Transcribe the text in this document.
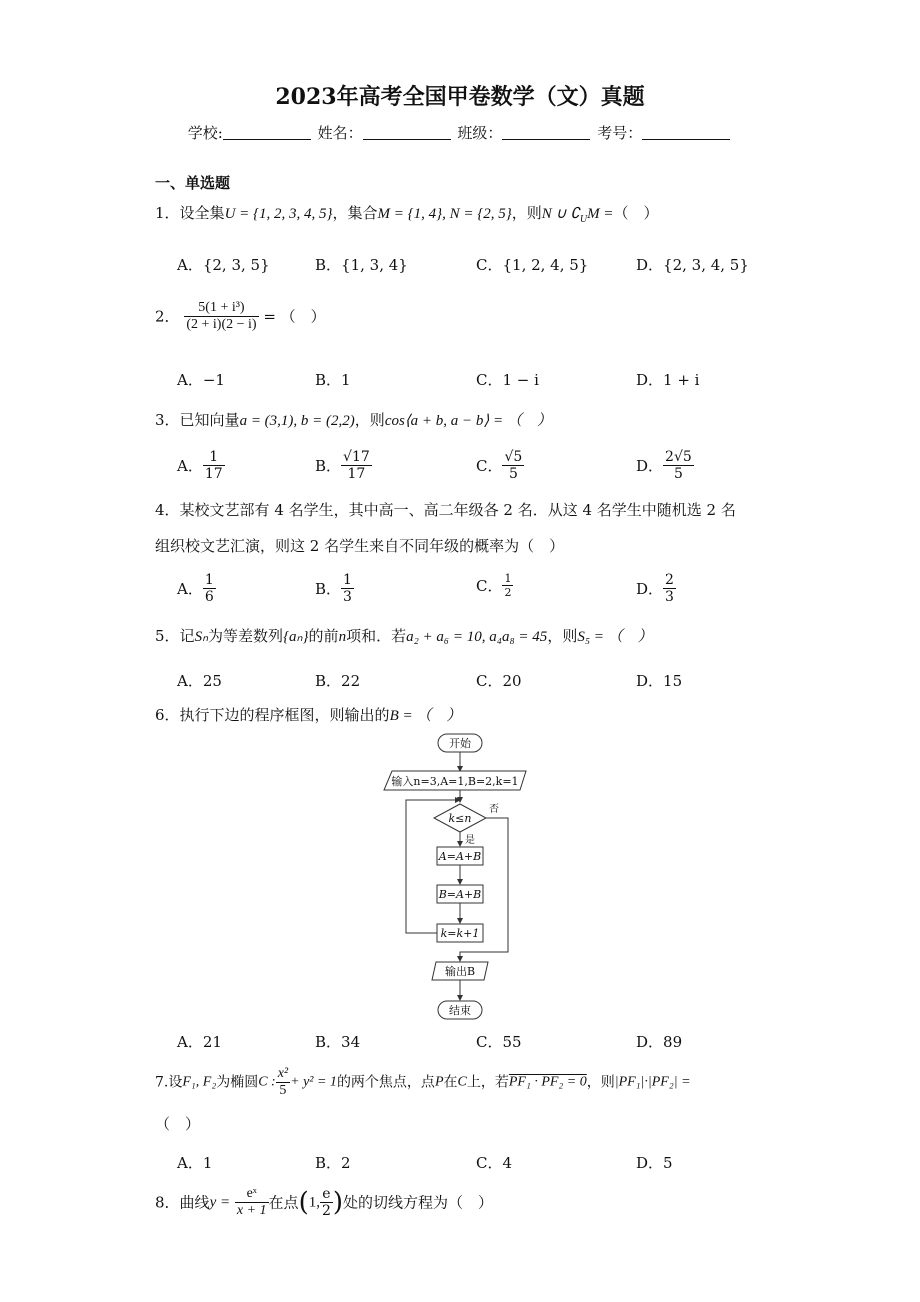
2023年高考全国甲卷数学（文）真题
学校:	姓名：	班级：	考号：
一、单选题
1．设全集U = {1, 2, 3, 4, 5}，集合M = {1, 4}, N = {2, 5}，则N ∪ $∁_UM$ =（　）
A．{2, 3, 5}	B．{1, 3, 4}	C．{1, 2, 4, 5}	D．{2, 3, 4, 5}
2． $\frac{\text{5(1 + i³)}}{(2 + i)(2 - i)}$ = （　）
A．−1	B．1	C．1 − i	D．1 + i
3．已知向量a = (3,1), b = (2,2)，则cos⟨a + b, a − b⟩ = （　）
A． $\frac{1}{17}$	B． $\frac{√17}{17}$	C． $\frac{√5}{5}$	D． $\frac{2√5}{5}$
4．某校文艺部有 4 名学生，其中高一、高二年级各 2 名．从这 4 名学生中随机选 2 名
组织校文艺汇演，则这 2 名学生来自不同年级的概率为（　）
A． $\frac{1}{6}$	B． $\frac{1}{3}$	C． $\frac{1}{2}$	D． $\frac{2}{3}$
5．记Sₙ为等差数列{aₙ}的前n项和．若a₂ + a₆ = 10, a₄a₈ = 45，则S₅ = （　）
A．25	B．22	C．20	D．15
6．执行下边的程序框图，则输出的B = （　）
开始
输入n=3,A=1,B=2,k=1
k≤n
否
是
A=A+B
B=A+B
k=k+1
输出B
结束
A．21	B．34	C．55	D．89
7.设F₁, F₂为椭圆C : $\frac{\text{x²}}{5} + y^2 = 1$的两个焦点，点P在C上，若PF₁ · PF₂ = 0，则|PF₁|·|PF₂| =
（　）
A．1	B．2	C．4	D．5
8．曲线$y = \frac{\text{eˣ}}{x + 1}$ 在点(1, $\frac{e}{2}$ )处的切线方程为（　）
